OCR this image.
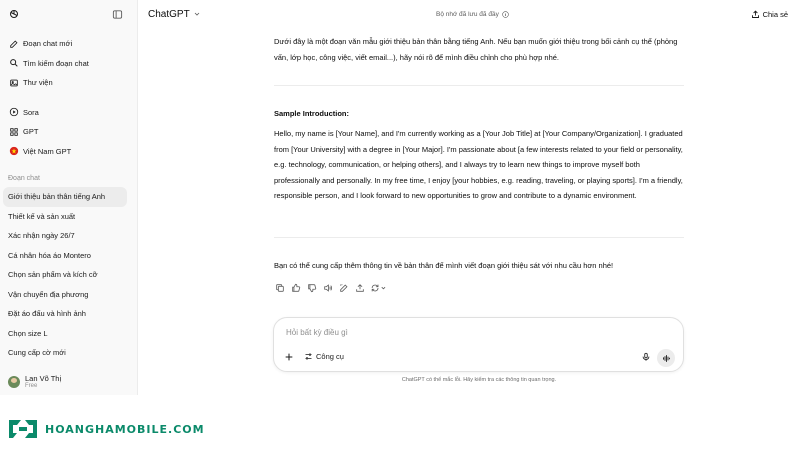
Đoạn chat mới
Tìm kiếm đoạn chat
Thư viện
Sora
GPT
Việt Nam GPT
Đoạn chat
Giới thiệu bản thân tiếng Anh
Thiết kế và sản xuất
Xác nhận ngày 26/7
Cá nhân hóa áo Montero
Chọn sản phẩm và kích cỡ
Vận chuyển địa phương
Đặt áo đấu và hình ảnh
Chọn size L
Cung cấp cờ mới
Lan Võ Thị
Free
ChatGPT	Bộ nhớ đã lưu đã đầy	Chia sẻ
Dưới đây là một đoạn văn mẫu giới thiệu bản thân bằng tiếng Anh. Nếu bạn muốn giới thiệu trong bối cảnh cụ thể (phỏng vấn, lớp học, công việc, viết email...), hãy nói rõ để mình điều chỉnh cho phù hợp nhé.
Sample Introduction:
Hello, my name is [Your Name], and I'm currently working as a [Your Job Title] at [Your Company/Organization]. I graduated from [Your University] with a degree in [Your Major]. I'm passionate about [a few interests related to your field or personality, e.g. technology, communication, or helping others], and I always try to learn new things to improve myself both professionally and personally. In my free time, I enjoy [your hobbies, e.g. reading, traveling, or playing sports]. I'm a friendly, responsible person, and I look forward to new opportunities to grow and contribute to a dynamic environment.
Bạn có thể cung cấp thêm thông tin về bản thân để mình viết đoạn giới thiệu sát với nhu cầu hơn nhé!
Hỏi bất kỳ điều gì
Công cụ
ChatGPT có thể mắc lỗi. Hãy kiểm tra các thông tin quan trọng.
HOANGHAMOBILE.COM
